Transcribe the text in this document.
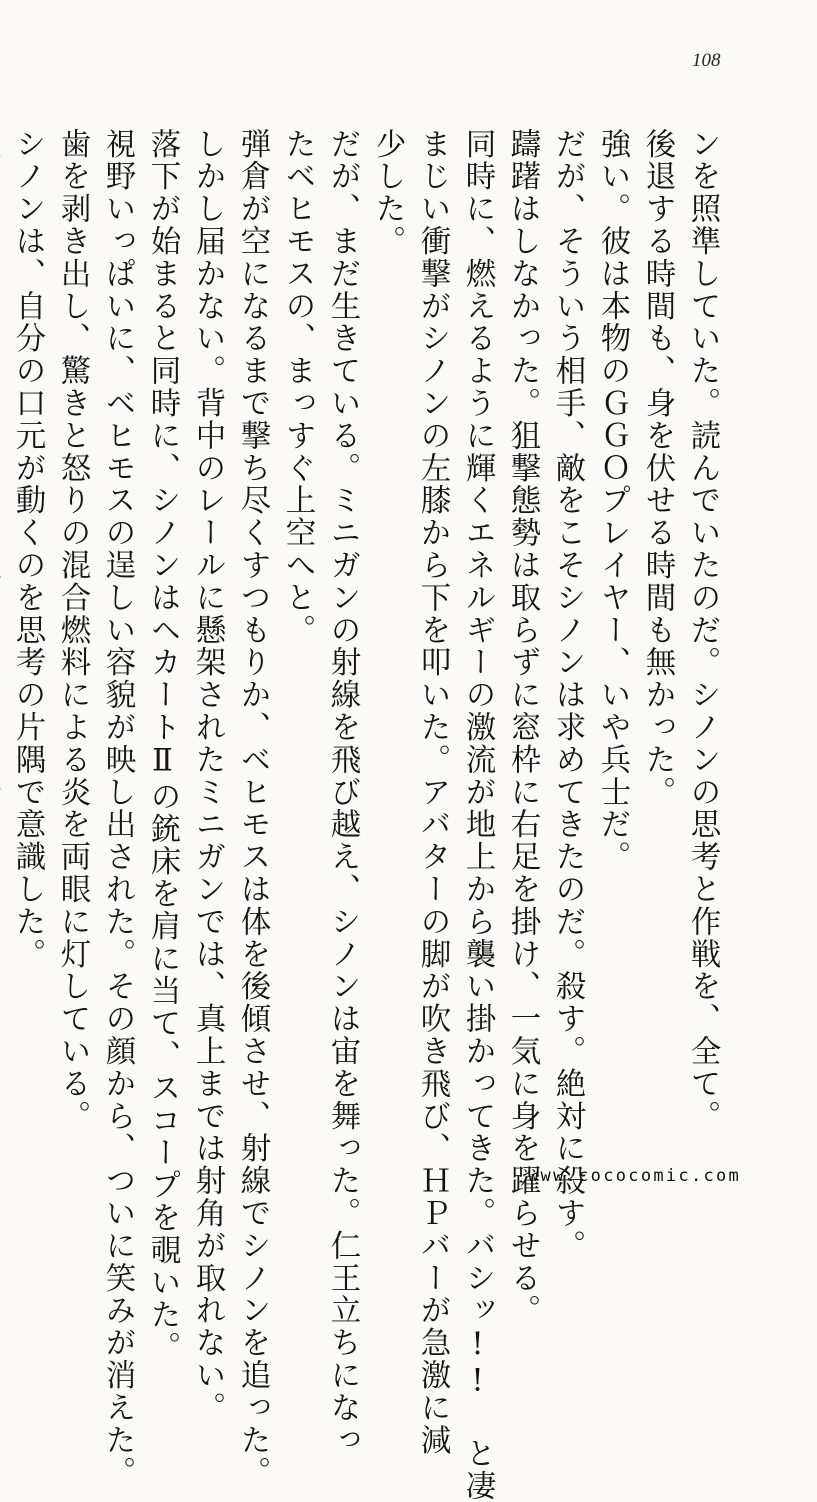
108
ンを照準していた。読んでいたのだ。シノンの思考と作戦を、全て。
後退する時間も、身を伏せる時間も無かった。
強い。彼は本物のＧＧＯプレイヤー、いや兵士だ。
だが、そういう相手、敵をこそシノンは求めてきたのだ。殺す。絶対に殺す。
躊躇はしなかった。狙撃態勢は取らずに窓枠に右足を掛け、一気に身を躍らせる。
同時に、燃えるように輝くエネルギーの激流が地上から襲い掛かってきた。バシッ!! と凄
まじい衝撃がシノンの左膝から下を叩いた。アバターの脚が吹き飛び、ＨＰバーが急激に減
少した。
だが、まだ生きている。ミニガンの射線を飛び越え、シノンは宙を舞った。仁王立ちになっ
たベヒモスの、まっすぐ上空へと。
弾倉が空になるまで撃ち尽くすつもりか、ベヒモスは体を後傾させ、射線でシノンを追った。
しかし届かない。背中のレールに懸架されたミニガンでは、真上までは射角が取れない。
落下が始まると同時に、シノンはヘカートⅡの銃床を肩に当て、スコープを覗いた。
視野いっぱいに、ベヒモスの逞しい容貌が映し出された。その顔から、ついに笑みが消えた。
歯を剥き出し、驚きと怒りの混合燃料による炎を両眼に灯している。
シノンは、自分の口元が動くのを思考の片隅で意識した。
www.cococomic.com
